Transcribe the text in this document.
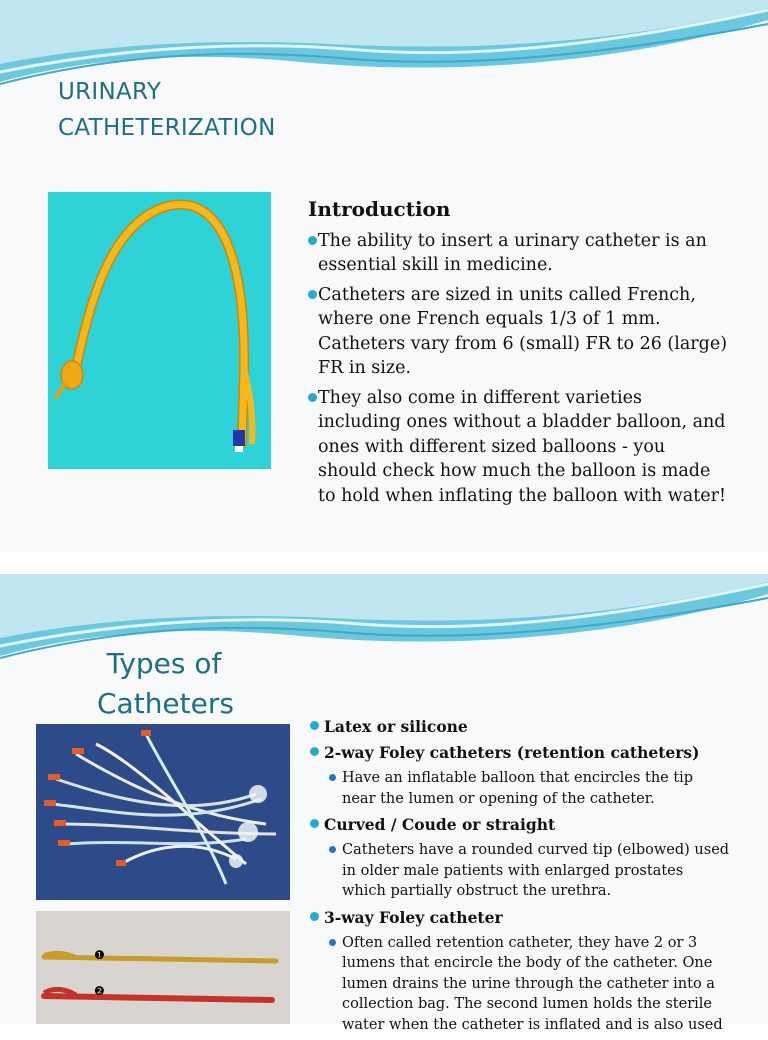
URINARY
CATHETERIZATION
Introduction
The ability to insert a urinary catheter is an essential skill in medicine.
Catheters are sized in units called French, where one French equals 1/3 of 1 mm. Catheters vary from 6 (small) FR to 26 (large) FR in size.
They also come in different varieties including ones without a bladder balloon, and ones with different sized balloons - you should check how much the balloon is made to hold when inflating the balloon with water!
Types of
Catheters
❶
❷
Latex or silicone
2-way Foley catheters (retention catheters)
Have an inflatable balloon that encircles the tip near the lumen or opening of the catheter.
Curved / Coude or straight
Catheters have a rounded curved tip (elbowed) used in older male patients with enlarged prostates which partially obstruct the urethra.
3-way Foley catheter
Often called retention catheter, they have 2 or 3 lumens that encircle the body of the catheter. One lumen drains the urine through the catheter into a collection bag. The second lumen holds the sterile water when the catheter is inflated and is also used
